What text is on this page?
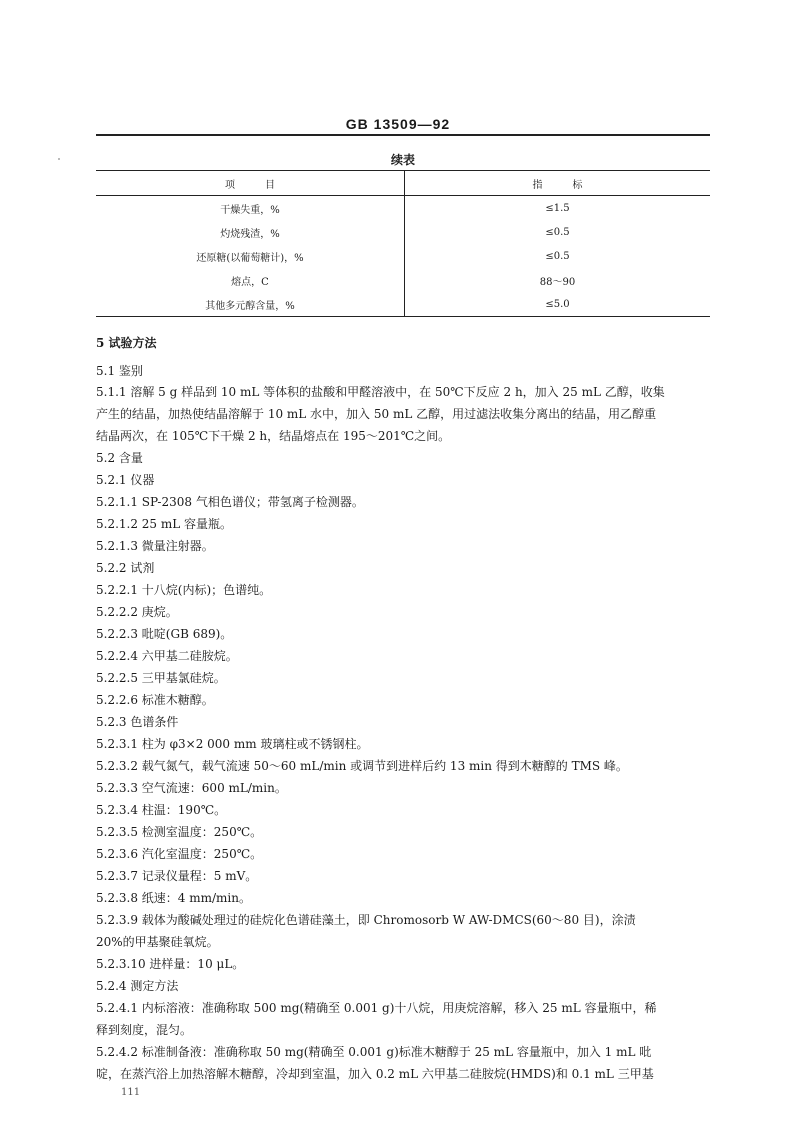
GB 13509—92
续表
项　　　目	指　　　标
干燥失重，%	≤1.5
灼烧残渣，%	≤0.5
还原糖(以葡萄糖计)，%	≤0.5
熔点，C	88～90
其他多元醇含量，%	≤5.0
5 试验方法
5.1 鉴别
5.1.1 溶解 5 g 样品到 10 mL 等体积的盐酸和甲醛溶液中，在 50℃下反应 2 h，加入 25 mL 乙醇，收集
产生的结晶，加热使结晶溶解于 10 mL 水中，加入 50 mL 乙醇，用过滤法收集分离出的结晶，用乙醇重
结晶两次，在 105℃下干燥 2 h，结晶熔点在 195～201℃之间。
5.2 含量
5.2.1 仪器
5.2.1.1 SP-2308 气相色谱仪；带氢离子检测器。
5.2.1.2 25 mL 容量瓶。
5.2.1.3 微量注射器。
5.2.2 试剂
5.2.2.1 十八烷(内标)；色谱纯。
5.2.2.2 庚烷。
5.2.2.3 吡啶(GB 689)。
5.2.2.4 六甲基二硅胺烷。
5.2.2.5 三甲基氯硅烷。
5.2.2.6 标准木糖醇。
5.2.3 色谱条件
5.2.3.1 柱为 φ3×2 000 mm 玻璃柱或不锈钢柱。
5.2.3.2 载气氮气，载气流速 50～60 mL/min 或调节到进样后约 13 min 得到木糖醇的 TMS 峰。
5.2.3.3 空气流速：600 mL/min。
5.2.3.4 柱温：190℃。
5.2.3.5 检测室温度：250℃。
5.2.3.6 汽化室温度：250℃。
5.2.3.7 记录仪量程：5 mV。
5.2.3.8 纸速：4 mm/min。
5.2.3.9 载体为酸碱处理过的硅烷化色谱硅藻土，即 Chromosorb W AW-DMCS(60～80 目)，涂渍
20%的甲基聚硅氧烷。
5.2.3.10 进样量：10 μL。
5.2.4 测定方法
5.2.4.1 内标溶液：准确称取 500 mg(精确至 0.001 g)十八烷，用庚烷溶解，移入 25 mL 容量瓶中，稀
释到刻度，混匀。
5.2.4.2 标准制备液：准确称取 50 mg(精确至 0.001 g)标准木糖醇于 25 mL 容量瓶中，加入 1 mL 吡
啶，在蒸汽浴上加热溶解木糖醇，冷却到室温，加入 0.2 mL 六甲基二硅胺烷(HMDS)和 0.1 mL 三甲基
111
